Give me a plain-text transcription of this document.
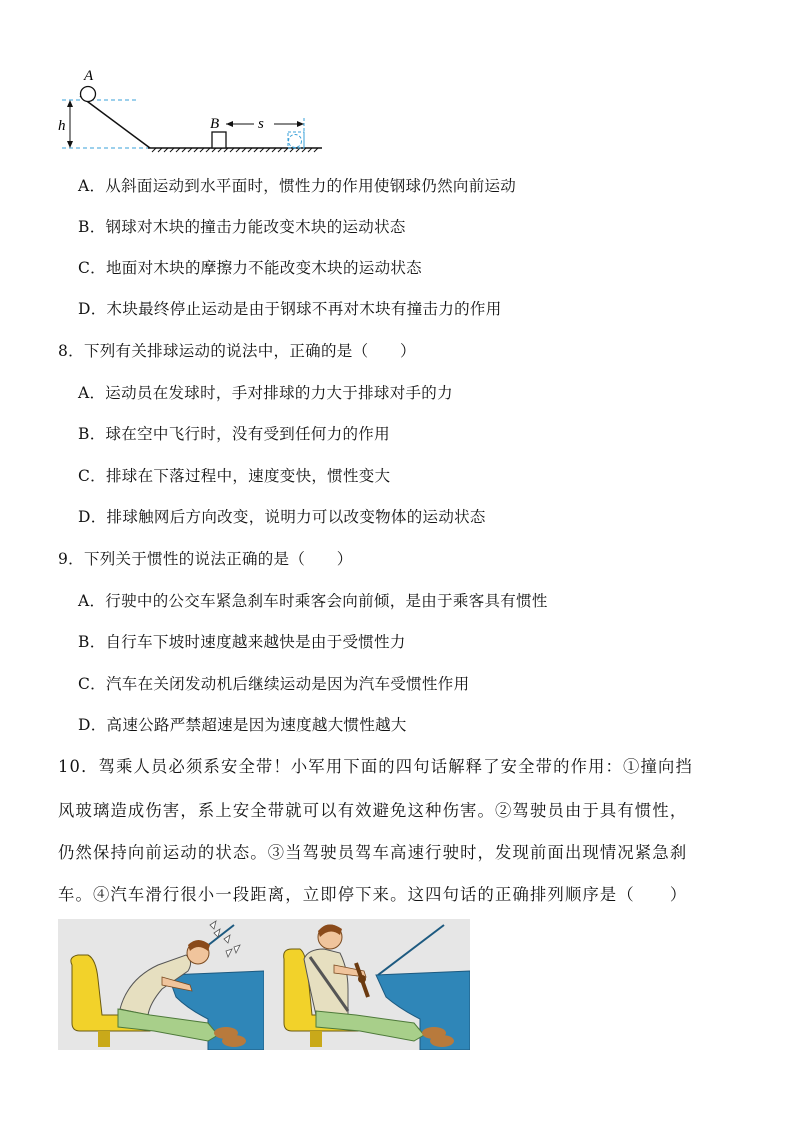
h
A
B	s
A．从斜面运动到水平面时，惯性力的作用使钢球仍然向前运动
B．钢球对木块的撞击力能改变木块的运动状态
C．地面对木块的摩擦力不能改变木块的运动状态
D．木块最终停止运动是由于钢球不再对木块有撞击力的作用
8．下列有关排球运动的说法中，正确的是（　　）
A．运动员在发球时，手对排球的力大于排球对手的力
B．球在空中飞行时，没有受到任何力的作用
C．排球在下落过程中，速度变快，惯性变大
D．排球触网后方向改变，说明力可以改变物体的运动状态
9．下列关于惯性的说法正确的是（　　）
A．行驶中的公交车紧急刹车时乘客会向前倾，是由于乘客具有惯性
B．自行车下坡时速度越来越快是由于受惯性力
C．汽车在关闭发动机后继续运动是因为汽车受惯性作用
D．高速公路严禁超速是因为速度越大惯性越大
10．驾乘人员必须系安全带！小军用下面的四句话解释了安全带的作用：①撞向挡
风玻璃造成伤害，系上安全带就可以有效避免这种伤害。②驾驶员由于具有惯性，
仍然保持向前运动的状态。③当驾驶员驾车高速行驶时，发现前面出现情况紧急刹
车。④汽车滑行很小一段距离，立即停下来。这四句话的正确排列顺序是（　　）
